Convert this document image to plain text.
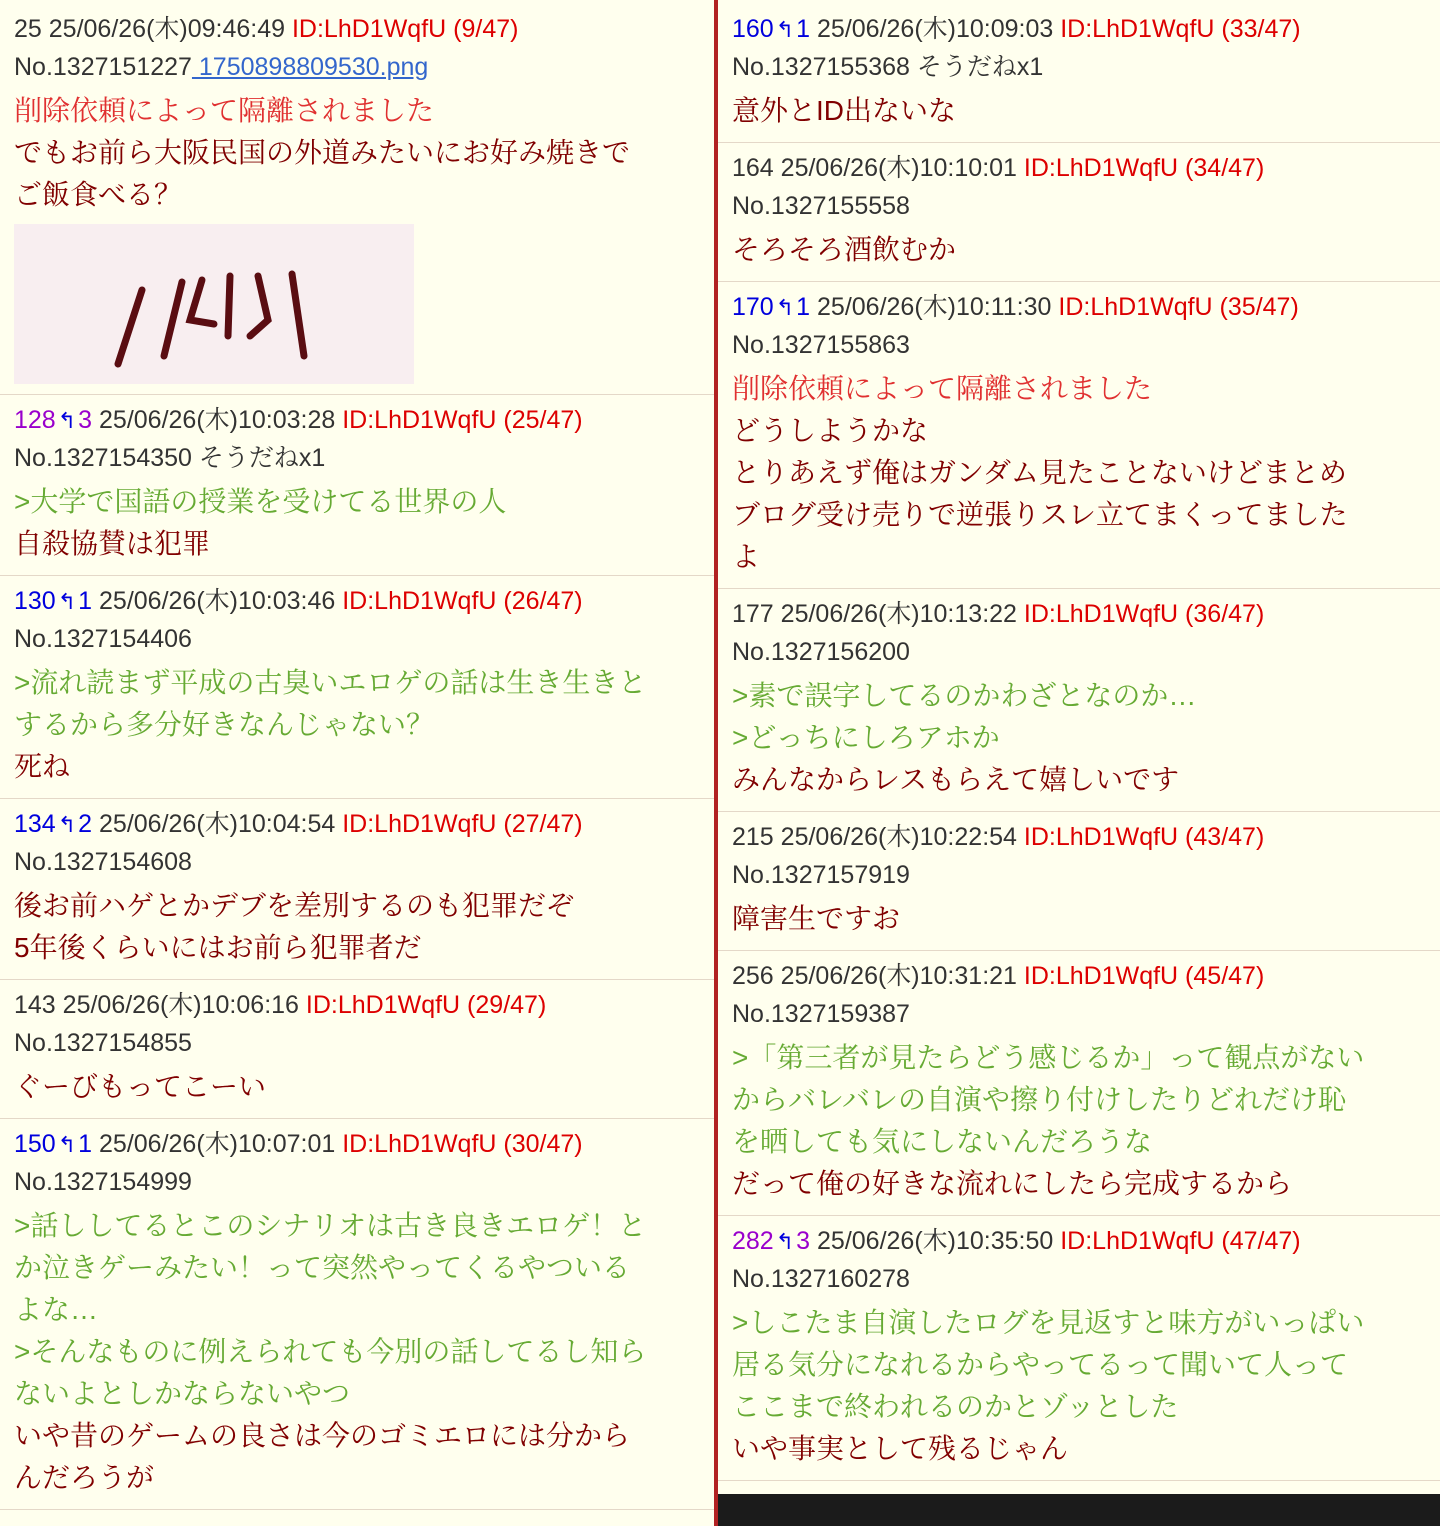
25 25/06/26(木)09:46:49 ID:LhD1WqfU (9/47)
No.1327151227 1750898809530.png
削除依頼によって隔離されました
でもお前ら大阪民国の外道みたいにお好み焼きで
ご飯食べる？
128↰3 25/06/26(木)10:03:28 ID:LhD1WqfU (25/47)
No.1327154350 そうだねx1
>大学で国語の授業を受けてる世界の人
自殺協賛は犯罪
130↰1 25/06/26(木)10:03:46 ID:LhD1WqfU (26/47)
No.1327154406
>流れ読まず平成の古臭いエロゲの話は生き生きと
するから多分好きなんじゃない？
死ね
134↰2 25/06/26(木)10:04:54 ID:LhD1WqfU (27/47)
No.1327154608
後お前ハゲとかデブを差別するのも犯罪だぞ
5年後くらいにはお前ら犯罪者だ
143 25/06/26(木)10:06:16 ID:LhD1WqfU (29/47)
No.1327154855
ぐーびもってこーい
150↰1 25/06/26(木)10:07:01 ID:LhD1WqfU (30/47)
No.1327154999
>話ししてるとこのシナリオは古き良きエロゲ！と
か泣きゲーみたい！って突然やってくるやついる
よな…
>そんなものに例えられても今別の話してるし知ら
ないよとしかならないやつ
いや昔のゲームの良さは今のゴミエロには分から
んだろうが
160↰1 25/06/26(木)10:09:03 ID:LhD1WqfU (33/47)
No.1327155368 そうだねx1
意外とID出ないな
164 25/06/26(木)10:10:01 ID:LhD1WqfU (34/47)
No.1327155558
そろそろ酒飲むか
170↰1 25/06/26(木)10:11:30 ID:LhD1WqfU (35/47)
No.1327155863
削除依頼によって隔離されました
どうしようかな
とりあえず俺はガンダム見たことないけどまとめ
ブログ受け売りで逆張りスレ立てまくってました
よ
177 25/06/26(木)10:13:22 ID:LhD1WqfU (36/47)
No.1327156200
>素で誤字してるのかわざとなのか…
>どっちにしろアホか
みんなからレスもらえて嬉しいです
215 25/06/26(木)10:22:54 ID:LhD1WqfU (43/47)
No.1327157919
障害生ですお
256 25/06/26(木)10:31:21 ID:LhD1WqfU (45/47)
No.1327159387
>「第三者が見たらどう感じるか」って観点がない
からバレバレの自演や擦り付けしたりどれだけ恥
を晒しても気にしないんだろうな
だって俺の好きな流れにしたら完成するから
282↰3 25/06/26(木)10:35:50 ID:LhD1WqfU (47/47)
No.1327160278
>しこたま自演したログを見返すと味方がいっぱい
居る気分になれるからやってるって聞いて人って
ここまで終われるのかとゾッとした
いや事実として残るじゃん
